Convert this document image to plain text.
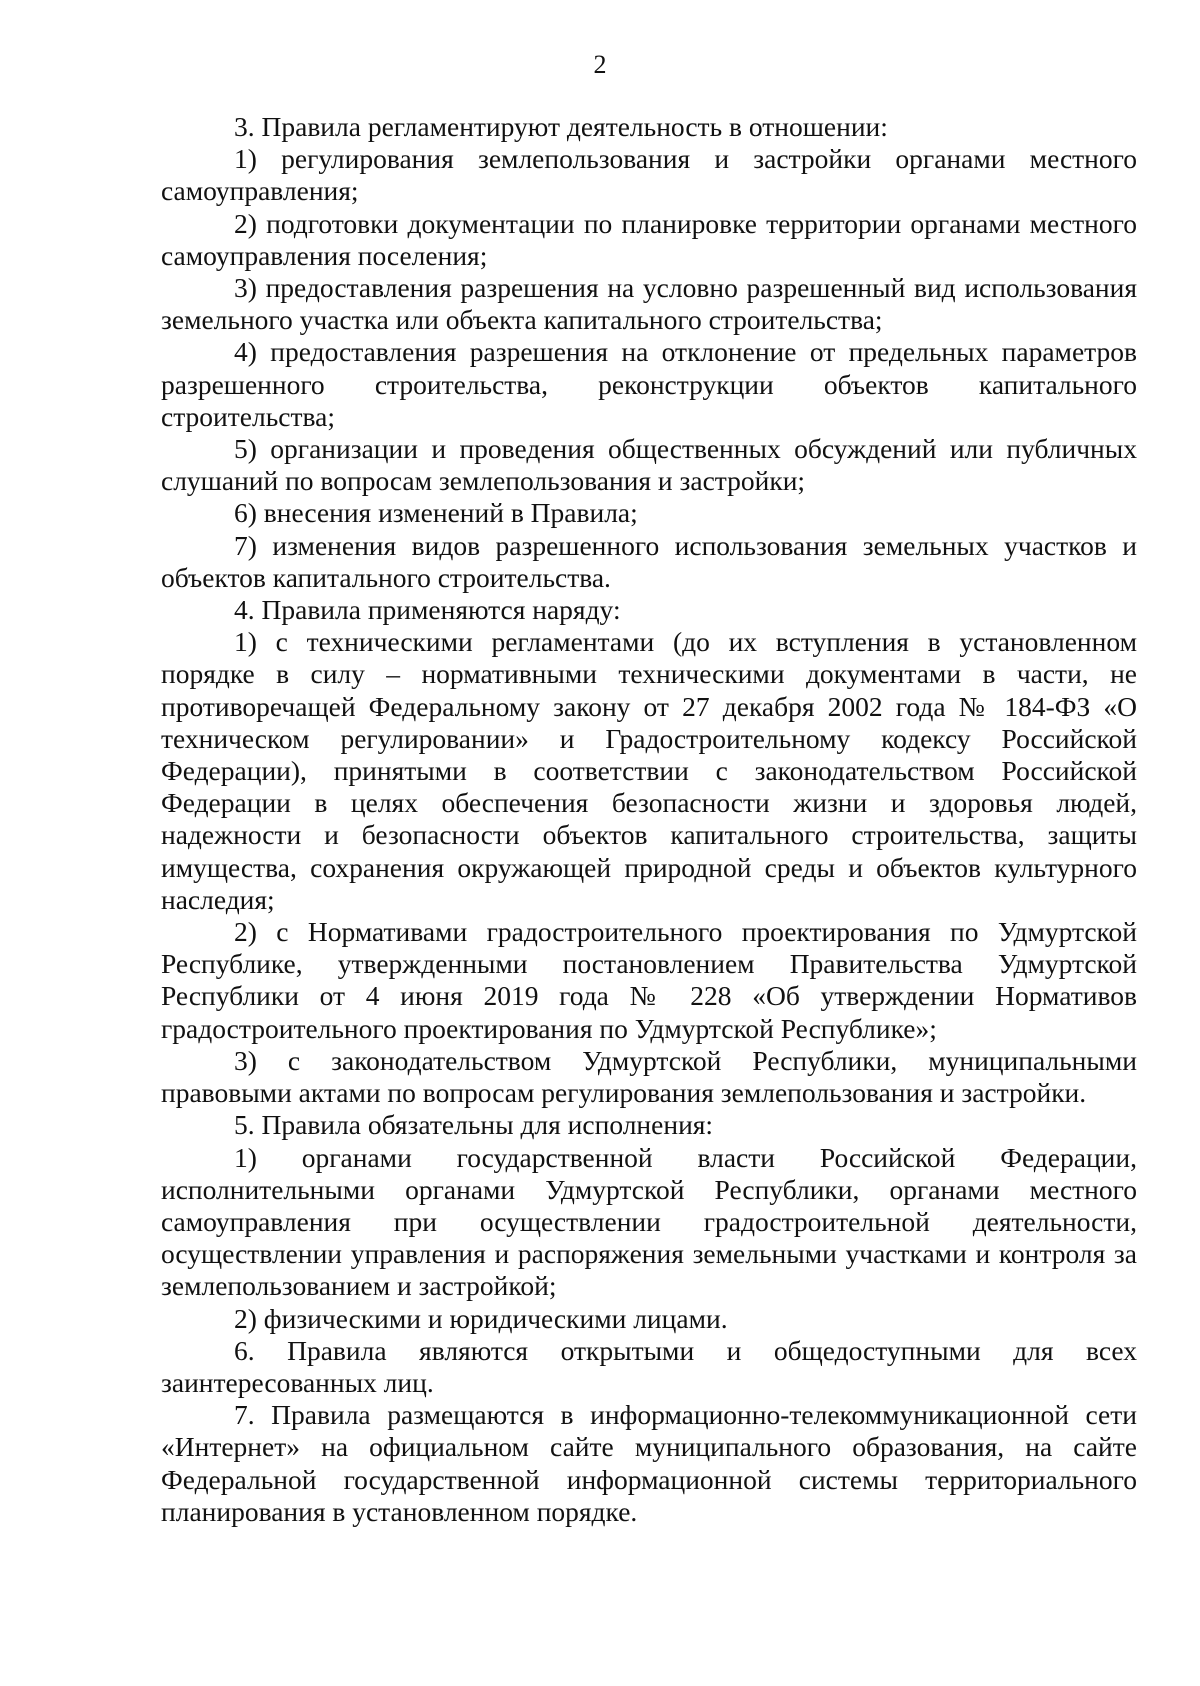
2

3. Правила регламентируют деятельность в отношении:

1) регулирования землепользования и застройки органами местного самоуправления;

2) подготовки документации по планировке территории органами местного самоуправления поселения;

3) предоставления разрешения на условно разрешенный вид использования земельного участка или объекта капитального строительства;

4) предоставления разрешения на отклонение от предельных параметров разрешенного строительства, реконструкции объектов капитального строительства;

5) организации и проведения общественных обсуждений или публичных слушаний по вопросам землепользования и застройки;

6) внесения изменений в Правила;

7) изменения видов разрешенного использования земельных участков и объектов капитального строительства.

4. Правила применяются наряду:

1) с техническими регламентами (до их вступления в установленном порядке в силу – нормативными техническими документами в части, не противоречащей Федеральному закону от 27 декабря 2002 года № 184-ФЗ «О техническом регулировании» и Градостроительному кодексу Российской Федерации), принятыми в соответствии с законодательством Российской Федерации в целях обеспечения безопасности жизни и здоровья людей, надежности и безопасности объектов капитального строительства, защиты имущества, сохранения окружающей природной среды и объектов культурного наследия;

2) с Нормативами градостроительного проектирования по Удмуртской Республике, утвержденными постановлением Правительства Удмуртской Республики от 4 июня 2019 года № 228 «Об утверждении Нормативов градостроительного проектирования по Удмуртской Республике»;

3) с законодательством Удмуртской Республики, муниципальными правовыми актами по вопросам регулирования землепользования и застройки.

5. Правила обязательны для исполнения:

1) органами государственной власти Российской Федерации, исполнительными органами Удмуртской Республики, органами местного самоуправления при осуществлении градостроительной деятельности, осуществлении управления и распоряжения земельными участками и контроля за землепользованием и застройкой;

2) физическими и юридическими лицами.

6. Правила являются открытыми и общедоступными для всех заинтересованных лиц.

7. Правила размещаются в информационно-телекоммуникационной сети «Интернет» на официальном сайте муниципального образования, на сайте Федеральной государственной информационной системы территориального планирования в установленном порядке.
